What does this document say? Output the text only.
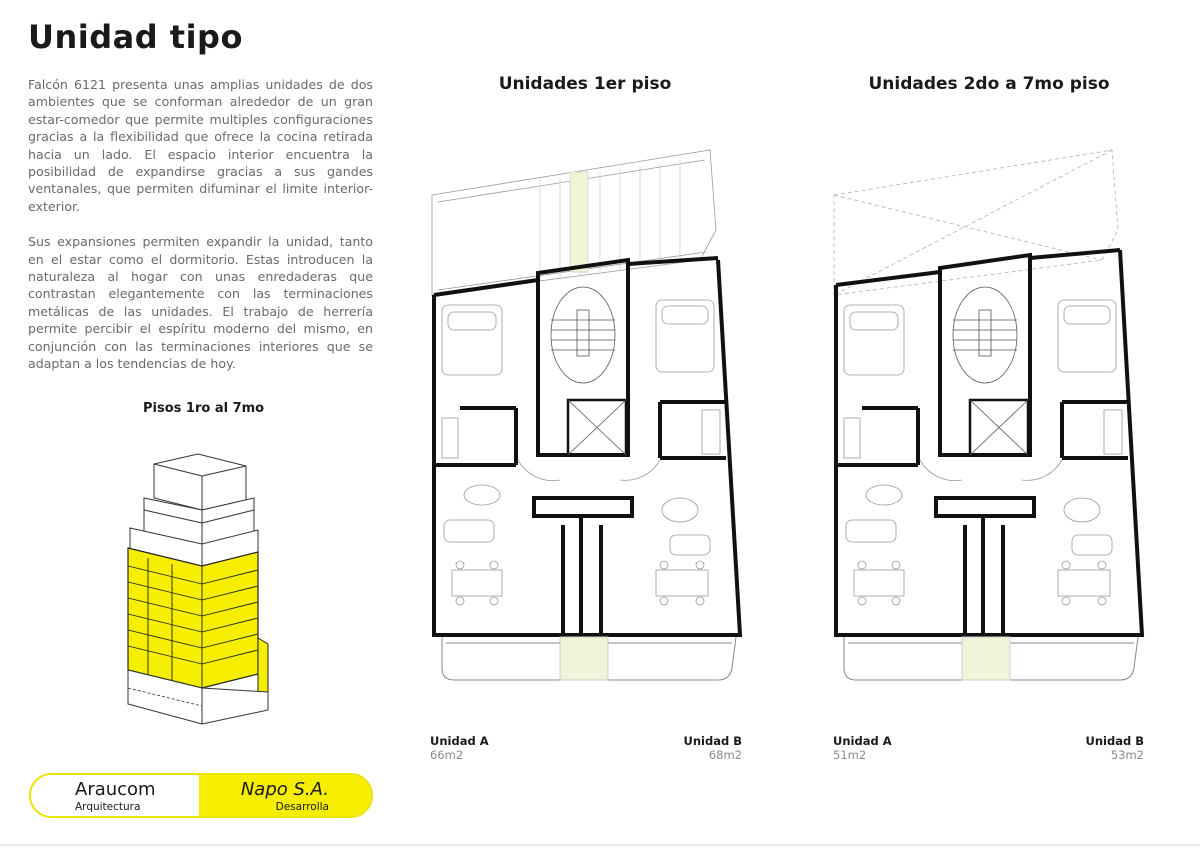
Unidad tipo

Falcón 6121 presenta unas amplias unidades de dos ambientes que se conforman alrededor de un gran estar-comedor que permite multiples configuraciones gracias a la flexibilidad que ofrece la cocina retirada hacia un lado. El espacio interior encuentra la posibilidad de expandirse gracias a sus gandes ventanales, que permiten difuminar el limite interior-exterior.

Sus expansiones permiten expandir la unidad, tanto en el estar como el dormitorio. Estas introducen la naturaleza al hogar con unas enredaderas que contrastan elegantemente con las terminaciones metálicas de las unidades. El trabajo de herrería permite percibir el espíritu moderno del mismo, en conjunción con las terminaciones interiores que se adaptan a los tendencias de hoy.

Pisos 1ro al 7mo
Unidades 1er piso
Unidad A
66m2
Unidad B
68m2
Unidades 2do a 7mo piso
Unidad A
51m2
Unidad B
53m2
Araucom
Arquitectura
Napo S.A.
Desarrolla
